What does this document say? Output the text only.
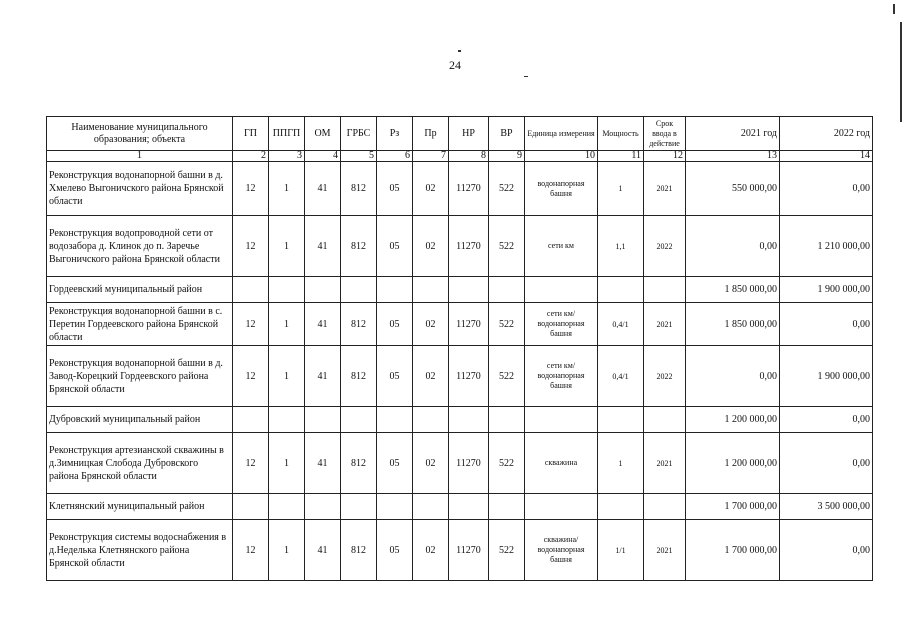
24
Наименование муниципального образования; объекта	ГП	ППГП	ОМ	ГРБС	Рз	Пр	НР	ВР	Единица измерения	Мощность	Срок ввода в действие	2021 год	2022 год
1	2	3	4	5	6	7	8	9	10	11	12	13	14
Реконструкция водонапорной башни в д. Хмелево Выгоничского района Брянской области	12	1	41	812	05	02	11270	522	водонапорная башня	1	2021	550 000,00	0,00
Реконструкция водопроводной сети от водозабора д. Клинок до п. Заречье Выгоничского района Брянской области	12	1	41	812	05	02	11270	522	сети км	1,1	2022	0,00	1 210 000,00
Гордеевский муниципальный район												1 850 000,00	1 900 000,00
Реконструкция водонапорной башни в с. Перетин Гордеевского района Брянской области	12	1	41	812	05	02	11270	522	сети км/водонапорная башня	0,4/1	2021	1 850 000,00	0,00
Реконструкция водонапорной башни в д. Завод-Корецкий Гордеевского района Брянской области	12	1	41	812	05	02	11270	522	сети км/водонапорная башня	0,4/1	2022	0,00	1 900 000,00
Дубровский муниципальный район												1 200 000,00	0,00
Реконструкция артезианской скважины в д.Зимницкая Слобода Дубровского района Брянской области	12	1	41	812	05	02	11270	522	скважина	1	2021	1 200 000,00	0,00
Клетнянский муниципальный район												1 700 000,00	3 500 000,00
Реконструкция системы водоснабжения в д.Неделька Клетнянского района Брянской области	12	1	41	812	05	02	11270	522	скважина/водонапорная башня	1/1	2021	1 700 000,00	0,00
